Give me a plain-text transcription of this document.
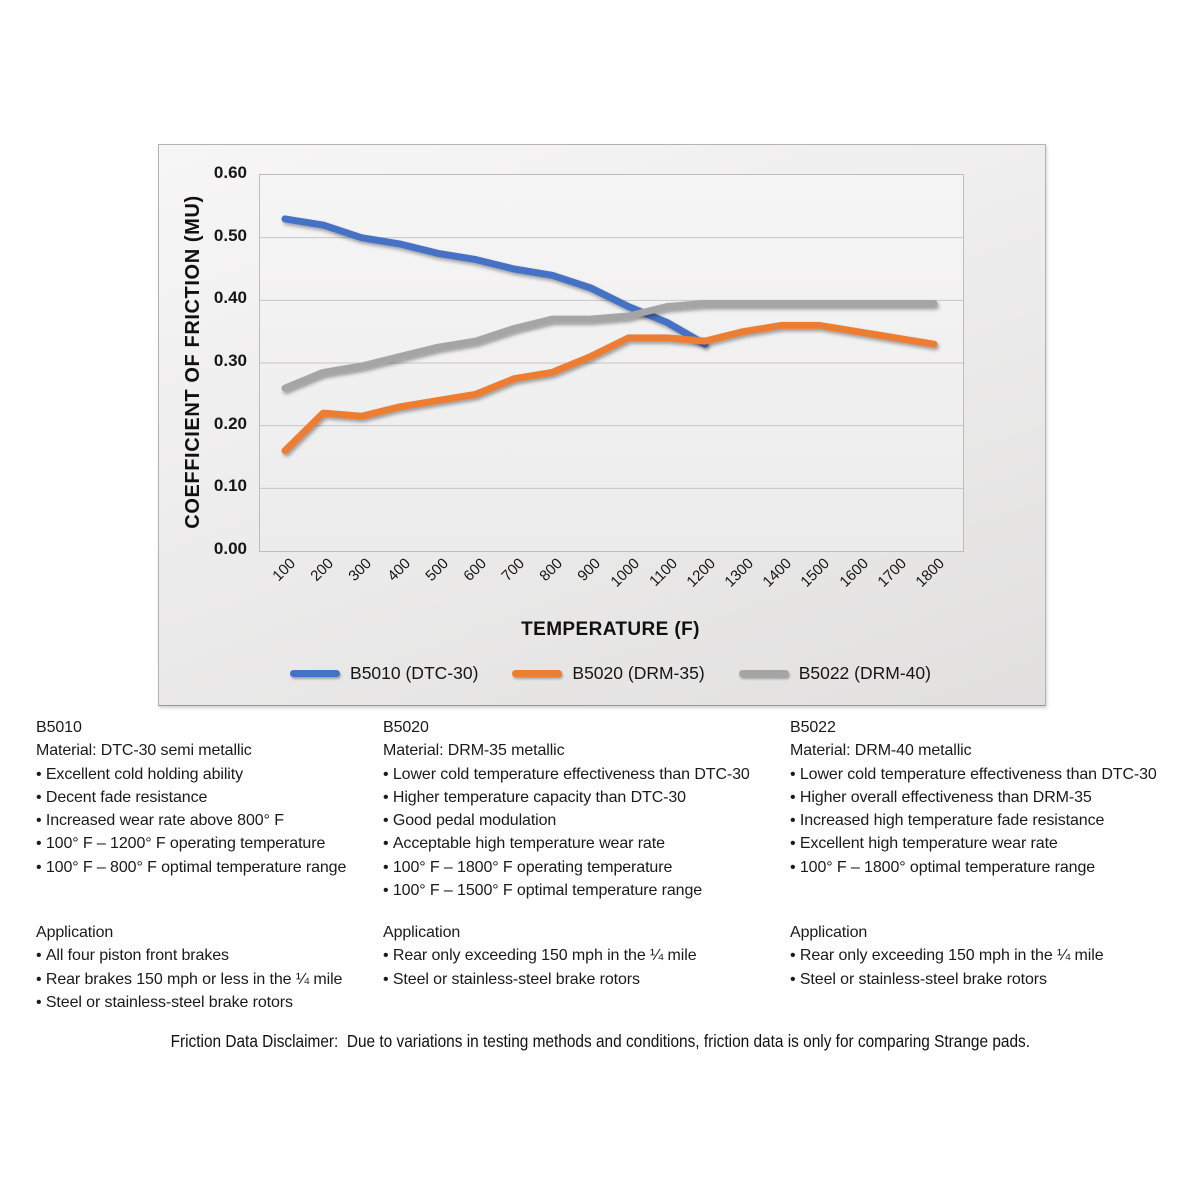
COEFFICIENT OF FRICTION (MU)
0.60
0.50
0.40
0.30
0.20
0.10
0.00
100 200 300 400 500 600 700 800 900 1000 1100 1200 1300 1400 1500 1600 1700 1800
TEMPERATURE (F)
B5010 (DTC-30)	B5020 (DRM-35)	B5022 (DRM-40)
B5010
Material: DTC-30 semi metallic
• Excellent cold holding ability
• Decent fade resistance
• Increased wear rate above 800° F
• 100° F – 1200° F operating temperature
• 100° F – 800° F optimal temperature range
Application
• All four piston front brakes
• Rear brakes 150 mph or less in the ¼ mile
• Steel or stainless-steel brake rotors
B5020
Material: DRM-35 metallic
• Lower cold temperature effectiveness than DTC-30
• Higher temperature capacity than DTC-30
• Good pedal modulation
• Acceptable high temperature wear rate
• 100° F – 1800° F operating temperature
• 100° F – 1500° F optimal temperature range
Application
• Rear only exceeding 150 mph in the ¼ mile
• Steel or stainless-steel brake rotors
B5022
Material: DRM-40 metallic
• Lower cold temperature effectiveness than DTC-30
• Higher overall effectiveness than DRM-35
• Increased high temperature fade resistance
• Excellent high temperature wear rate
• 100° F – 1800° optimal temperature range
Application
• Rear only exceeding 150 mph in the ¼ mile
• Steel or stainless-steel brake rotors
Friction Data Disclaimer:  Due to variations in testing methods and conditions, friction data is only for comparing Strange pads.
